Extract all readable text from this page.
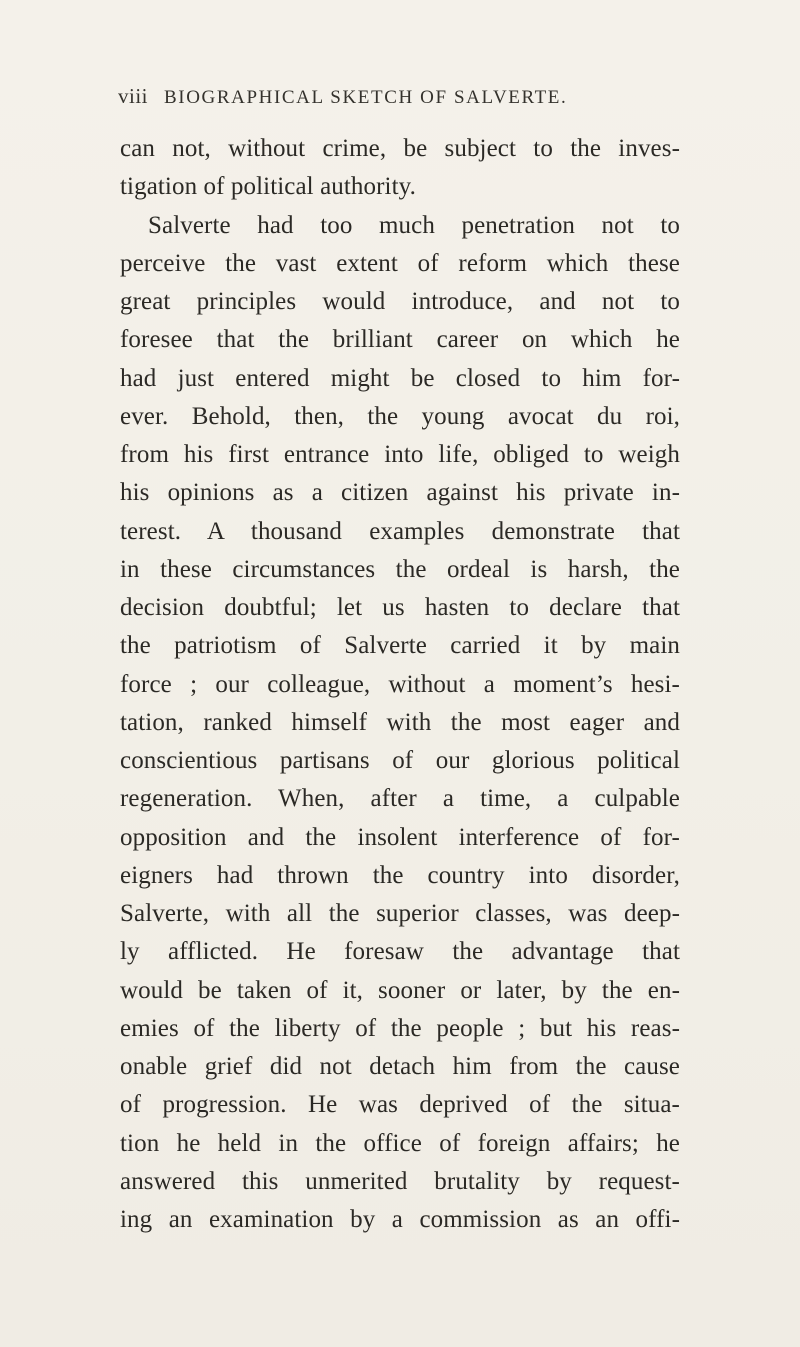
viii BIOGRAPHICAL SKETCH OF SALVERTE.
can not, without crime, be subject to the inves-
tigation of political authority.
Salverte had too much penetration not to
perceive the vast extent of reform which these
great principles would introduce, and not to
foresee that the brilliant career on which he
had just entered might be closed to him for-
ever. Behold, then, the young avocat du roi,
from his first entrance into life, obliged to weigh
his opinions as a citizen against his private in-
terest. A thousand examples demonstrate that
in these circumstances the ordeal is harsh, the
decision doubtful; let us hasten to declare that
the patriotism of Salverte carried it by main
force ; our colleague, without a moment’s hesi-
tation, ranked himself with the most eager and
conscientious partisans of our glorious political
regeneration. When, after a time, a culpable
opposition and the insolent interference of for-
eigners had thrown the country into disorder,
Salverte, with all the superior classes, was deep-
ly afflicted. He foresaw the advantage that
would be taken of it, sooner or later, by the en-
emies of the liberty of the people ; but his reas-
onable grief did not detach him from the cause
of progression. He was deprived of the situa-
tion he held in the office of foreign affairs; he
answered this unmerited brutality by request-
ing an examination by a commission as an offi-
